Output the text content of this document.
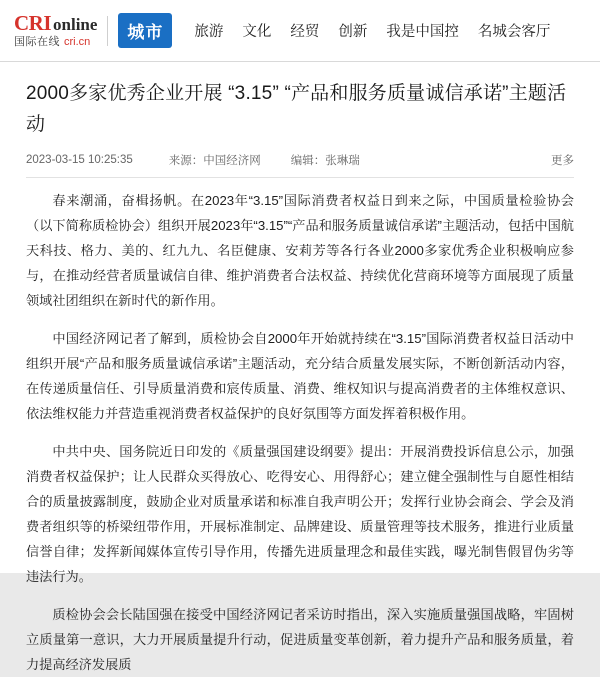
CRI online
国际在线 cri.cn	城市	旅游 文化 经贸 创新 我是中国控 名城会客厅
2000多家优秀企业开展 “3.15” “产品和服务质量诚信承诺”主题活动
2023-03-15 10:25:35	来源：中国经济网	编辑：张琳瑞	更多

春来潮涌，奋楫扬帆。在2023年“3.15”国际消费者权益日到来之际，中国质量检验协会（以下简称质检协会）组织开展2023年“3.15”“产品和服务质量诚信承诺”主题活动，包括中国航天科技、格力、美的、红九九、名臣健康、安莉芳等各行各业2000多家优秀企业积极响应参与，在推动经营者质量诚信自律、维护消费者合法权益、持续优化营商环境等方面展现了质量领域社团组织在新时代的新作用。

中国经济网记者了解到，质检协会自2000年开始就持续在“3.15”国际消费者权益日活动中组织开展“产品和服务质量诚信承诺”主题活动，充分结合质量发展实际，不断创新活动内容，在传递质量信任、引导质量消费和宸传质量、消费、维权知识与提高消费者的主体维权意识、依法维权能力并营造重视消费者权益保护的良好氛围等方面发挥着积极作用。

中共中央、国务院近日印发的《质量强国建设纲要》提出：开展消费投诉信息公示，加强消费者权益保护；让人民群众买得放心、吃得安心、用得舒心；建立健全强制性与自愿性相结合的质量披露制度，鼓励企业对质量承诺和标准自我声明公开；发挥行业协会商会、学会及消费者组织等的桥梁纽带作用，开展标准制定、品牌建设、质量管理等技术服务，推进行业质量信誉自律；发挥新闻媒体宣传引导作用，传播先进质量理念和最佳实践，曝光制售假冒伪劣等违法行为。

质检协会会长陆国强在接受中国经济网记者采访时指出，深入实施质量强国战略，牢固树立质量第一意识，大力开展质量提升行动，促进质量变革创新，着力提升产品和服务质量，着力提高经济发展质
